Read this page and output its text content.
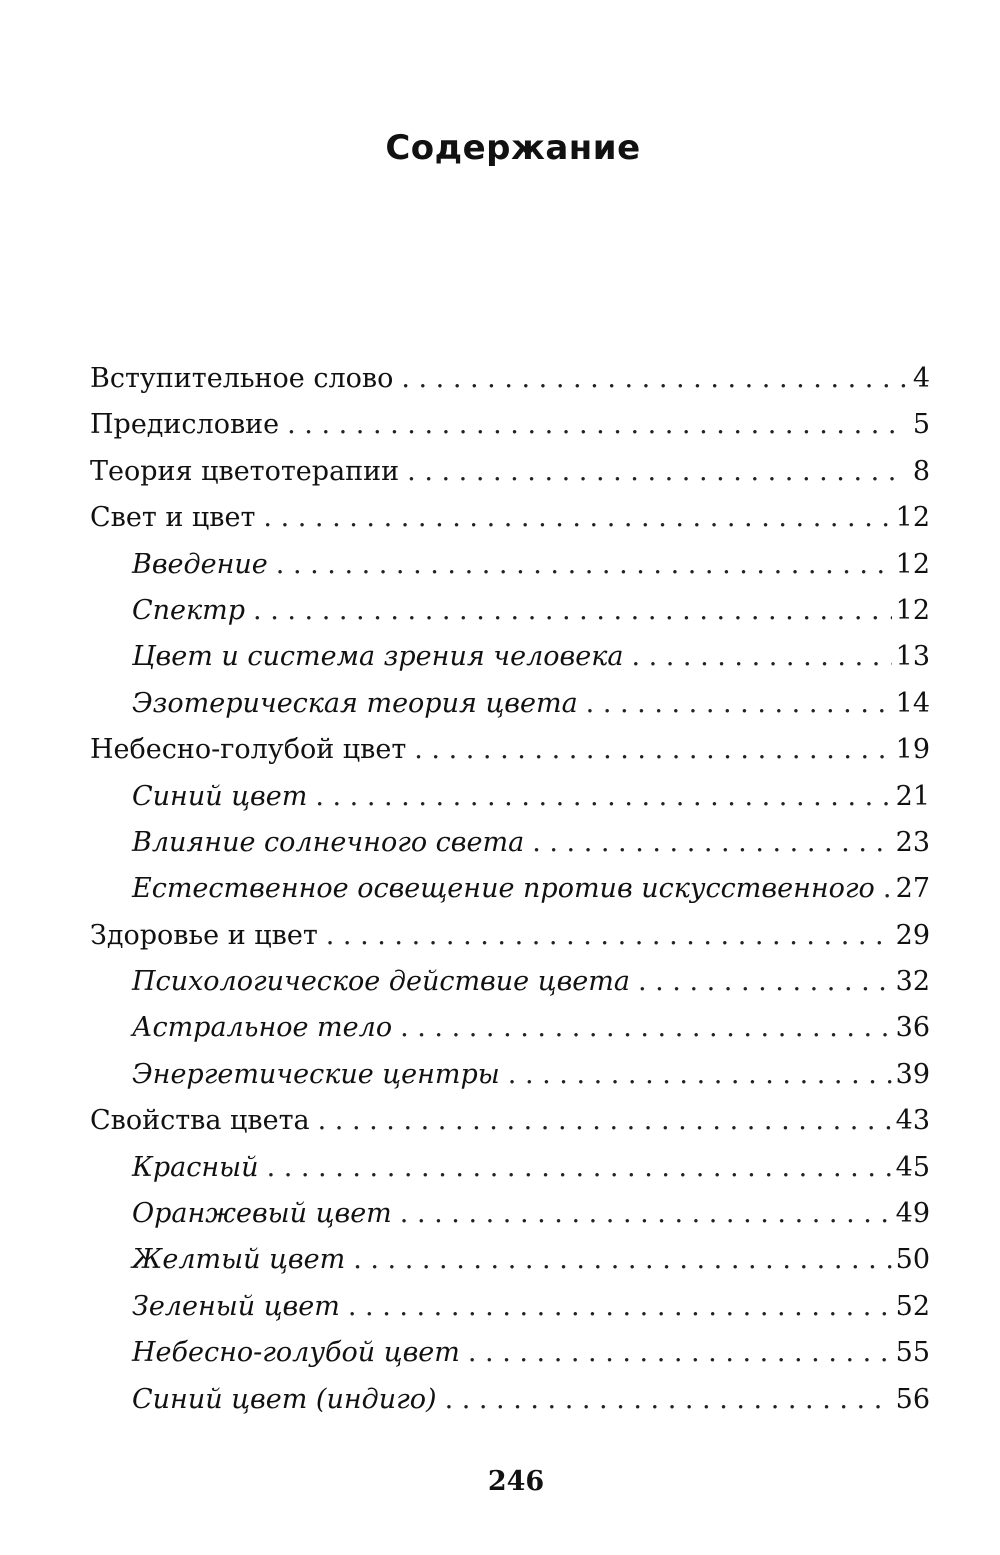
Содержание
Вступительное слово . . .	4
Предисловие . . .	5
Теория цветотерапии . . .	8
Свет и цвет . . .	12
Введение . . .	12
Спектр . . .	12
Цвет и система зрения человека . . .	13
Эзотерическая теория цвета . . .	14
Небесно-голубой цвет . . .	19
Синий цвет . . .	21
Влияние солнечного света . . .	23
Естественное освещение против искусственного . . . 27
Здоровье и цвет . . .	29
Психологическое действие цвета . . .	32
Астральное тело . . .	36
Энергетические центры . . .	39
Свойства цвета . . .	43
Красный . . .	45
Оранжевый цвет . . .	49
Желтый цвет . . .	50
Зеленый цвет . . .	52
Небесно-голубой цвет . . .	55
Синий цвет (индиго) . . .	56
246
